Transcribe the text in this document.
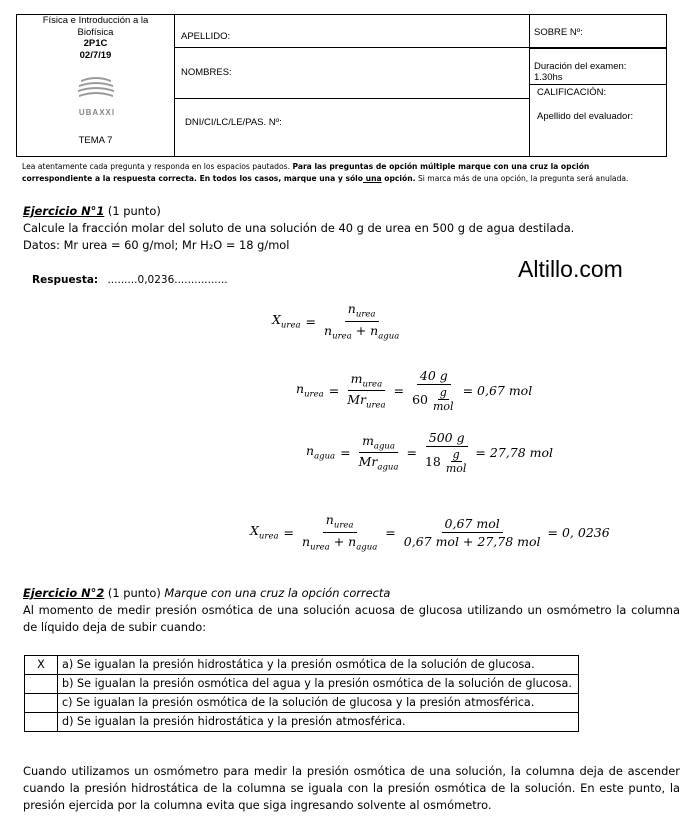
Física e Introducción a la
Biofísica
2P1C
02/7/19
UBAXXI
TEMA 7
APELLIDO:
NOMBRES:
DNI/CI/LC/LE/PAS. Nº:
SOBRE Nº:
Duración del examen:
1.30hs
CALIFICACIÓN:
Apellido del evaluador:
Lea atentamente cada pregunta y responda en los espacios pautados. Para las preguntas de opción múltiple marque con una cruz la opción
correspondiente a la respuesta correcta. En todos los casos, marque una y sólo una opción. Si marca más de una opción, la pregunta será anulada.
Ejercicio N°1 (1 punto)
Calcule la fracción molar del soluto de una solución de 40 g de urea en 500 g de agua destilada.
Datos: Mr urea = 60 g/mol; Mr H₂O = 18 g/mol
Altillo.com
Respuesta: .........0,0236................
$X_{urea} = \frac{n_{urea}}{n_{urea} + n_{agua}}$
$n_{urea} = \frac{m_{urea}}{Mr_{urea}} = \frac{40 g}{60 \frac{g}{\text{mol}}} = 0,67$ mol
$n_{agua} = \frac{m_{agua}}{Mr_{agua}} = \frac{500 g}{18 \frac{g}{\text{mol}}} = 27,78$ mol
$X_{urea} = \frac{n_{urea}}{n_{urea} + n_{agua}} = \frac{\text{0,67 mol}}{\text{0,67 mol + 27,78 mol}} = 0$, 0236
Ejercicio N°2 (1 punto) Marque con una cruz la opción correcta
Al momento de medir presión osmótica de una solución acuosa de glucosa utilizando un osmómetro la columna de líquido deja de subir cuando:
X	a) Se igualan la presión hidrostática y la presión osmótica de la solución de glucosa.
	b) Se igualan la presión osmótica del agua y la presión osmótica de la solución de glucosa.
	c) Se igualan la presión osmótica de la solución de glucosa y la presión atmosférica.
	d) Se igualan la presión hidrostática y la presión atmosférica.
Cuando utilizamos un osmómetro para medir la presión osmótica de una solución, la columna deja de ascender cuando la presión hidrostática de la columna se iguala con la presión osmótica de la solución. En este punto, la presión ejercida por la columna evita que siga ingresando solvente al osmómetro.
